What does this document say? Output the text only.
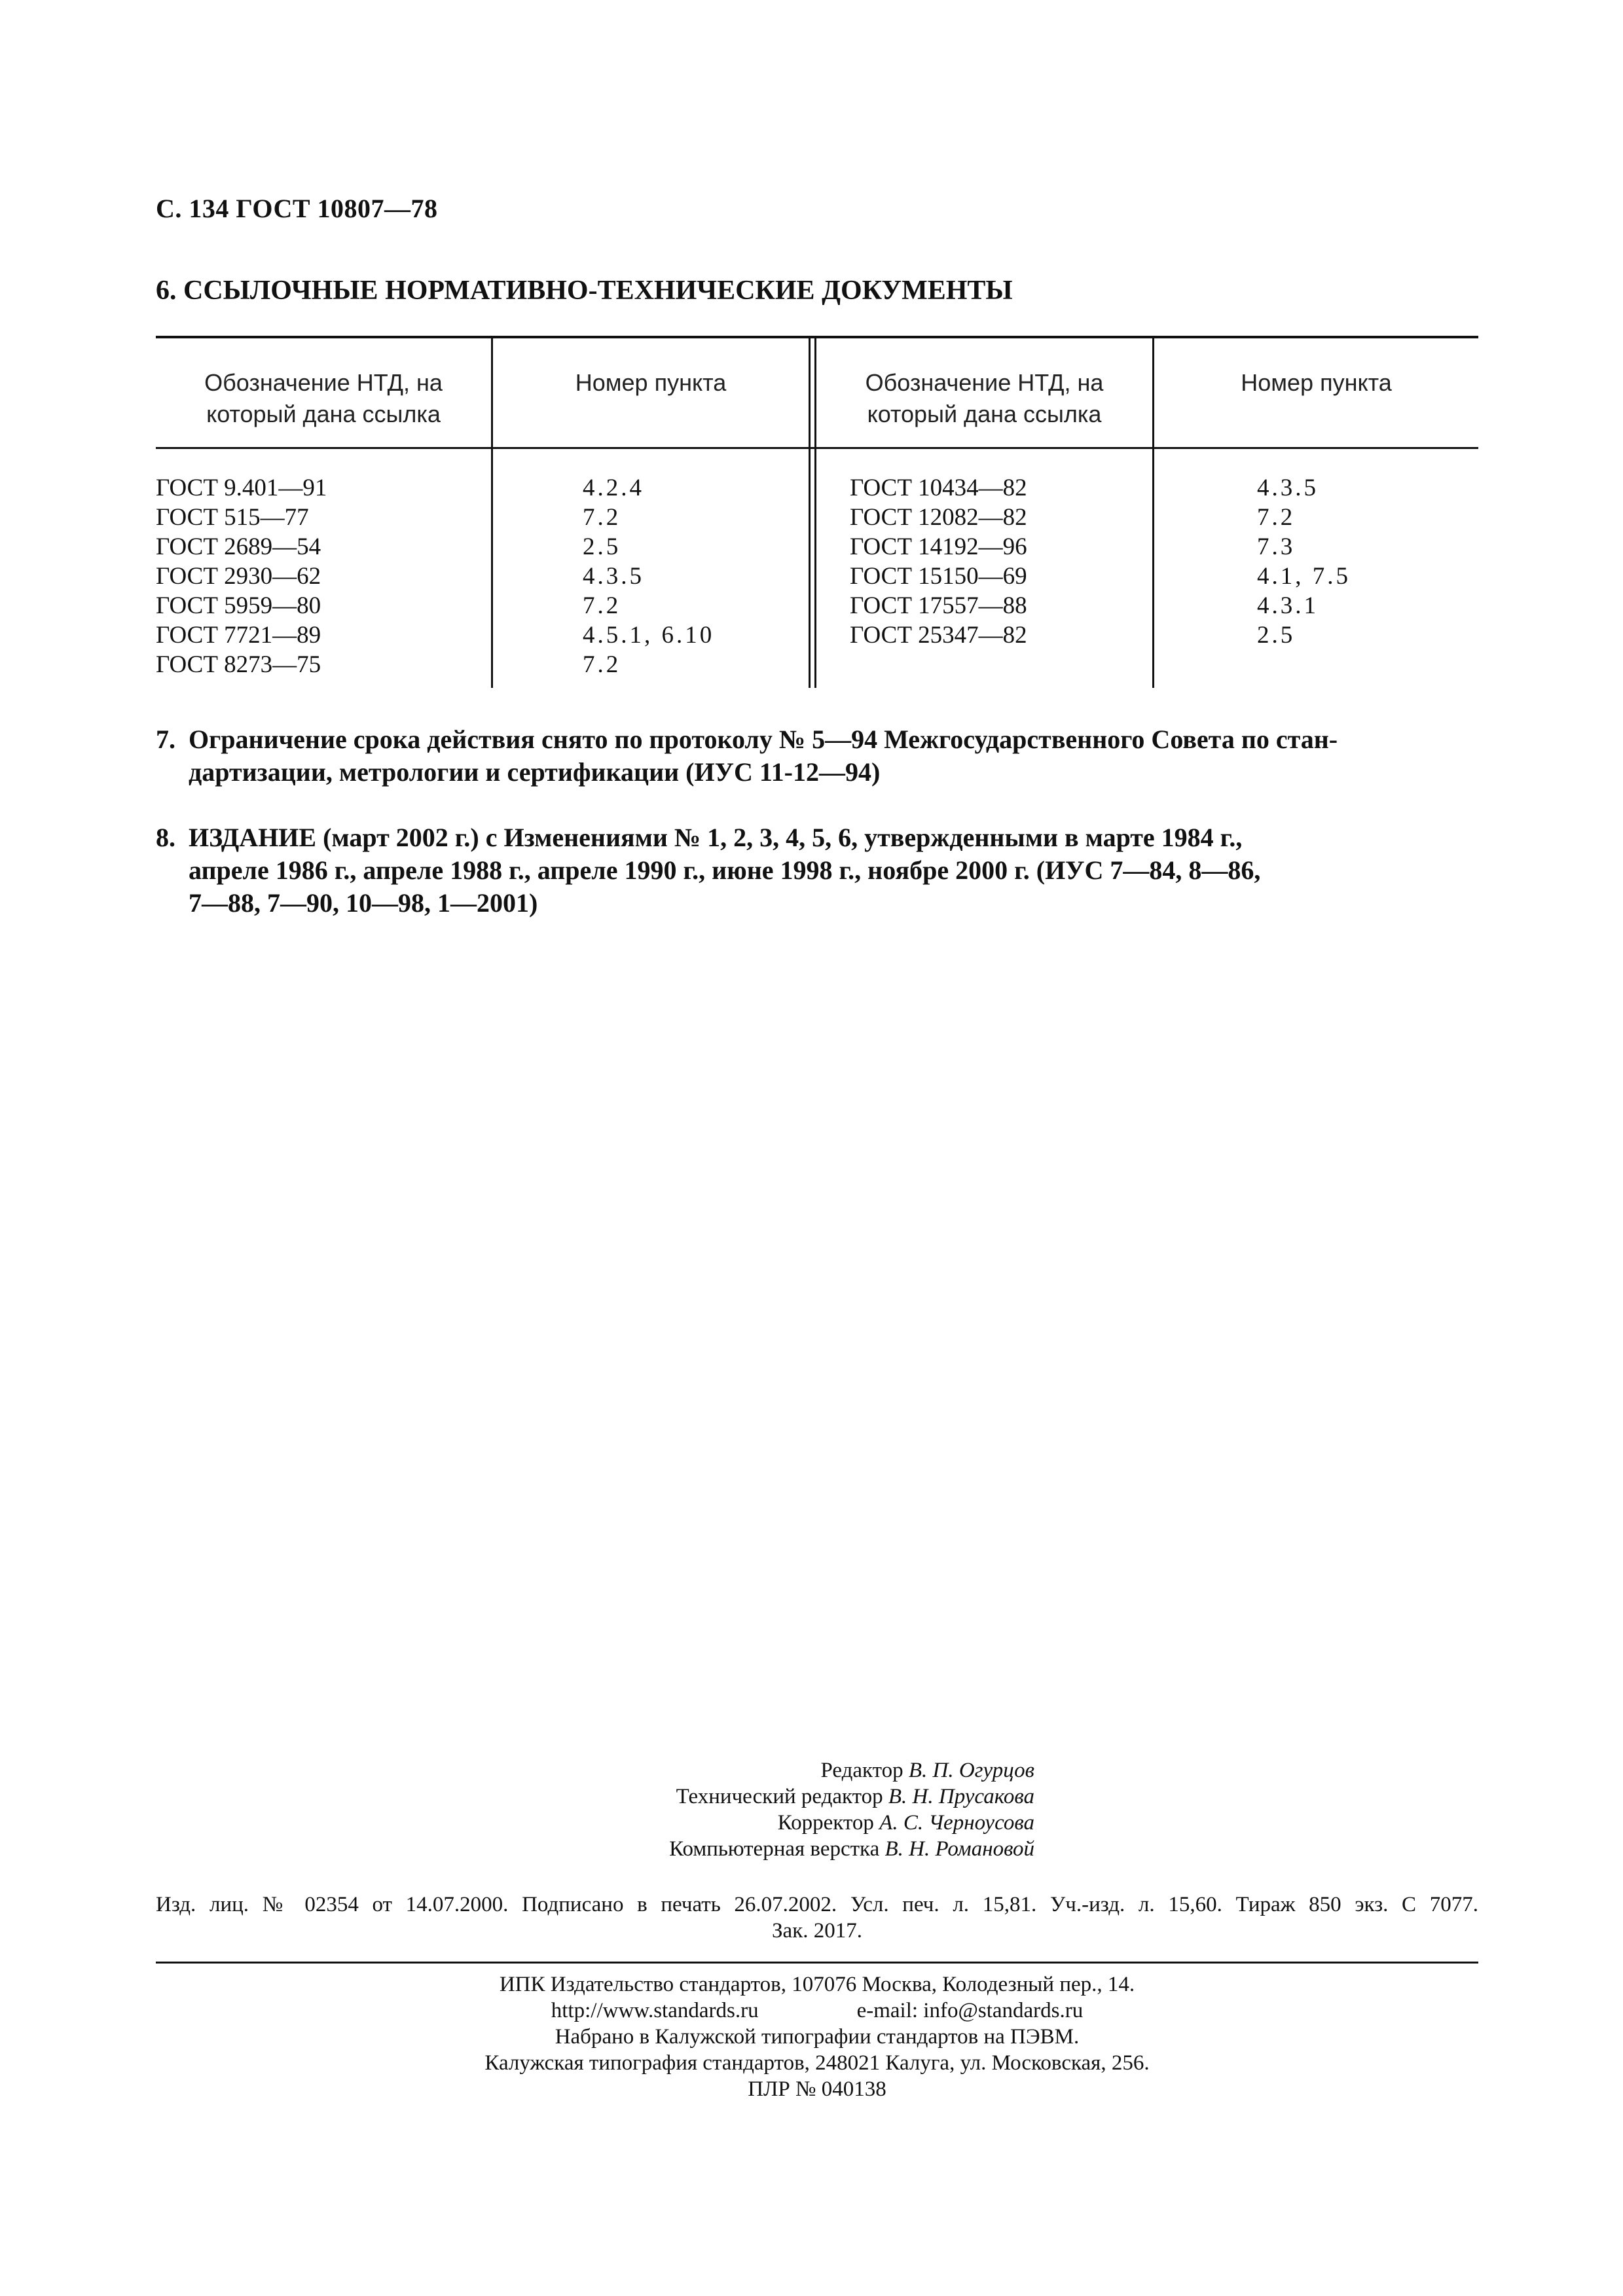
С. 134 ГОСТ 10807—78
6. ССЫЛОЧНЫЕ НОРМАТИВНО-ТЕХНИЧЕСКИЕ ДОКУМЕНТЫ
Обозначение НТД, на
который дана ссылка
Номер пункта	Обозначение НТД, на
который дана ссылка
Номер пункта
ГОСТ 9.401—91
ГОСТ 515—77
ГОСТ 2689—54
ГОСТ 2930—62
ГОСТ 5959—80
ГОСТ 7721—89
ГОСТ 8273—75
4.2.4
7.2
2.5
4.3.5
7.2
4.5.1, 6.10
7.2
ГОСТ 10434—82
ГОСТ 12082—82
ГОСТ 14192—96
ГОСТ 15150—69
ГОСТ 17557—88
ГОСТ 25347—82
4.3.5
7.2
7.3
4.1, 7.5
4.3.1
2.5
7. Ограничение срока действия снято по протоколу № 5—94 Межгосударственного Совета по стан-
дартизации, метрологии и сертификации (ИУС 11-12—94)
8. ИЗДАНИЕ (март 2002 г.) с Изменениями № 1, 2, 3, 4, 5, 6, утвержденными в марте 1984 г.,
апреле 1986 г., апреле 1988 г., апреле 1990 г., июне 1998 г., ноябре 2000 г. (ИУС 7—84, 8—86,
7—88, 7—90, 10—98, 1—2001)
Редактор В. П. Огурцов
Технический редактор В. Н. Прусакова
Корректор А. С. Черноусова
Компьютерная верстка В. Н. Романовой
Изд. лиц. № 02354 от 14.07.2000. Подписано в печать 26.07.2002. Усл. печ. л. 15,81. Уч.-изд. л. 15,60. Тираж 850 экз. С 7077.
Зак. 2017.
ИПК Издательство стандартов, 107076 Москва, Колодезный пер., 14.
http://www.standards.ru	e-mail: info@standards.ru
Набрано в Калужской типографии стандартов на ПЭВМ.
Калужская типография стандартов, 248021 Калуга, ул. Московская, 256.
ПЛР № 040138
